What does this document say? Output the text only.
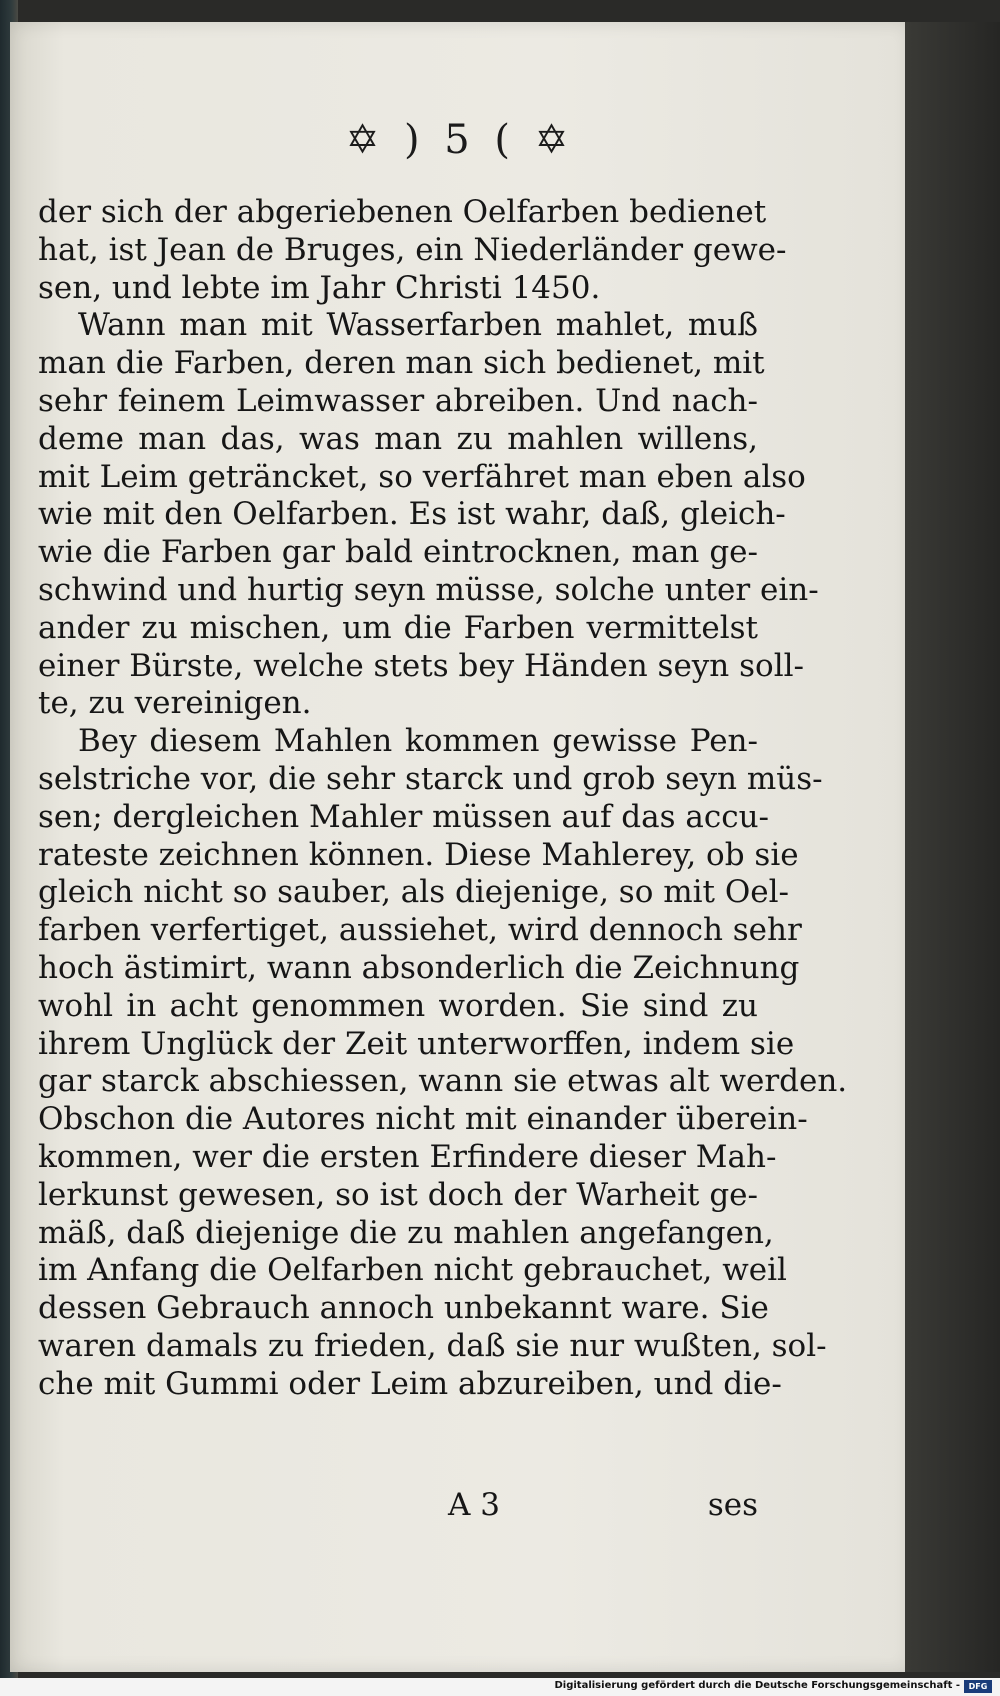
✡ ) 5 ( ✡
der sich der abgeriebenen Oelfarben bedienet
hat, ist Jean de Bruges, ein Niederländer gewe-
sen, und lebte im Jahr Christi 1450.
Wann man mit Wasserfarben mahlet, muß
man die Farben, deren man sich bedienet, mit
sehr feinem Leimwasser abreiben. Und nach-
deme man das, was man zu mahlen willens,
mit Leim geträncket, so verfähret man eben also
wie mit den Oelfarben. Es ist wahr, daß, gleich-
wie die Farben gar bald eintrocknen, man ge-
schwind und hurtig seyn müsse, solche unter ein-
ander zu mischen, um die Farben vermittelst
einer Bürste, welche stets bey Händen seyn soll-
te, zu vereinigen.
Bey diesem Mahlen kommen gewisse Pen-
selstriche vor, die sehr starck und grob seyn müs-
sen; dergleichen Mahler müssen auf das accu-
rateste zeichnen können. Diese Mahlerey, ob sie
gleich nicht so sauber, als diejenige, so mit Oel-
farben verfertiget, aussiehet, wird dennoch sehr
hoch ästimirt, wann absonderlich die Zeichnung
wohl in acht genommen worden. Sie sind zu
ihrem Unglück der Zeit unterworffen, indem sie
gar starck abschiessen, wann sie etwas alt werden.
Obschon die Autores nicht mit einander überein-
kommen, wer die ersten Erfindere dieser Mah-
lerkunst gewesen, so ist doch der Warheit ge-
mäß, daß diejenige die zu mahlen angefangen,
im Anfang die Oelfarben nicht gebrauchet, weil
dessen Gebrauch annoch unbekannt ware. Sie
waren damals zu frieden, daß sie nur wußten, sol-
che mit Gummi oder Leim abzureiben, und die-
A 3	ses
Digitalisierung gefördert durch die Deutsche Forschungsgemeinschaft -	DFG
